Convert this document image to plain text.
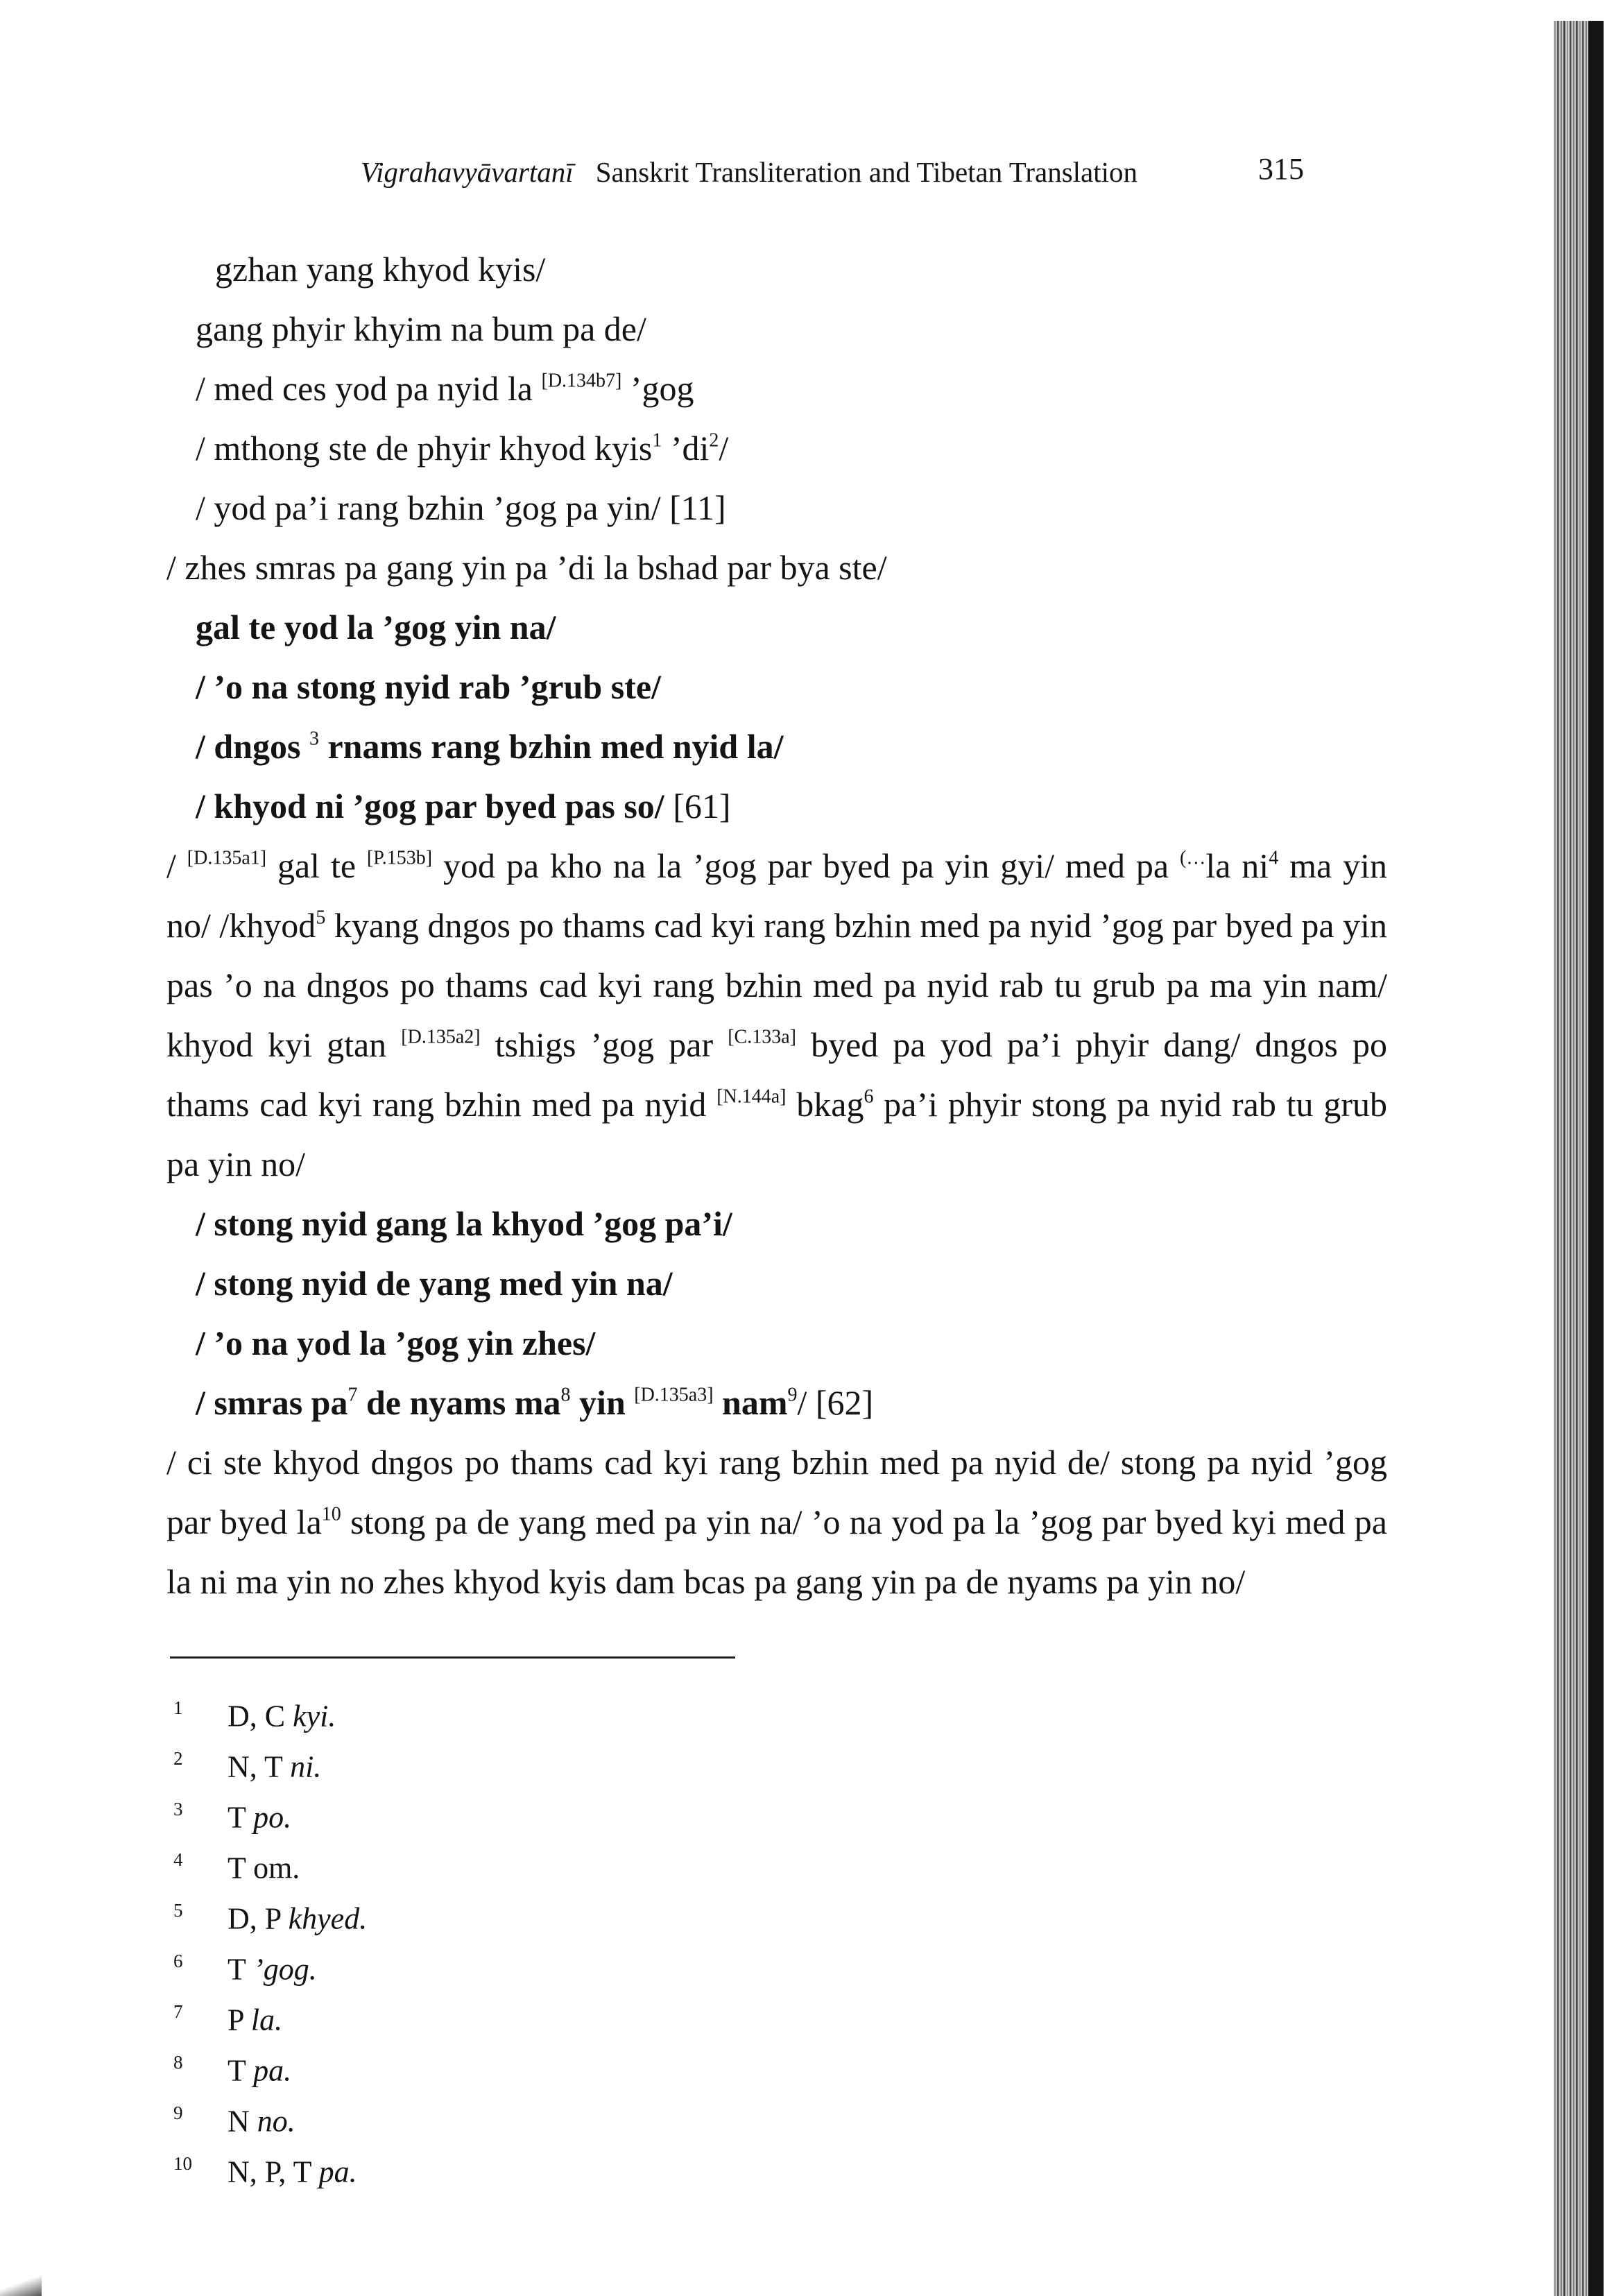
Vigrahavyāvartanī Sanskrit Transliteration and Tibetan Translation	315

gzhan yang khyod kyis/

gang phyir khyim na bum pa de/

/ med ces yod pa nyid la [D.134b7] ’gog

/ mthong ste de phyir khyod kyis$^1$ $’di^2/$

/ yod pa’i rang bzhin ’gog pa yin/ [11]

/ zhes smras pa gang yin pa ’di la bshad par bya ste/

gal te yod la ’gog yin na/

/ ’o na stong nyid rab ’grub ste/

/ dngos $^3$ rnams rang bzhin med nyid la/

/ khyod ni ’gog par byed pas so/ [61]

/ [D.135a1] gal te [P.153b] yod pa kho na la ’gog par byed pa yin gyi/ med pa (…la $ni^4$ ma yin no/ /khyod$^5$ kyang dngos po thams cad kyi rang bzhin med pa nyid ’gog par byed pa yin pas ’o na dngos po thams cad kyi rang bzhin med pa nyid rab tu grub pa ma yin nam/ khyod kyi gtan [D.135a2] tshigs ’gog par [C.133a] byed pa yod pa’i phyir dang/ dngos po thams cad kyi rang bzhin med pa nyid [N.144a] bkag$^6$ pa’i phyir stong pa nyid rab tu grub pa yin no/

/ stong nyid gang la khyod ’gog pa’i/

/ stong nyid de yang med yin na/

/ ’o na yod la ’gog yin zhes/

/ smras $pa^7$ de nyams $ma^8$ yin [D.135a3] nam$^9$/ [62]

/ ci ste khyod dngos po thams cad kyi rang bzhin med pa nyid de/ stong pa nyid ’gog par byed $la^{10}$ stong pa de yang med pa yin na/ ’o na yod pa la ’gog par byed kyi med pa la ni ma yin no zhes khyod kyis dam bcas pa gang yin pa de nyams pa yin no/

1 D, C kyi.
2 N, T ni.
3 T po.
4 T om.
5 D, P khyed.
6 T ’gog.
7 P la.
8 T pa.
9 N no.
10 N, P, T pa.
